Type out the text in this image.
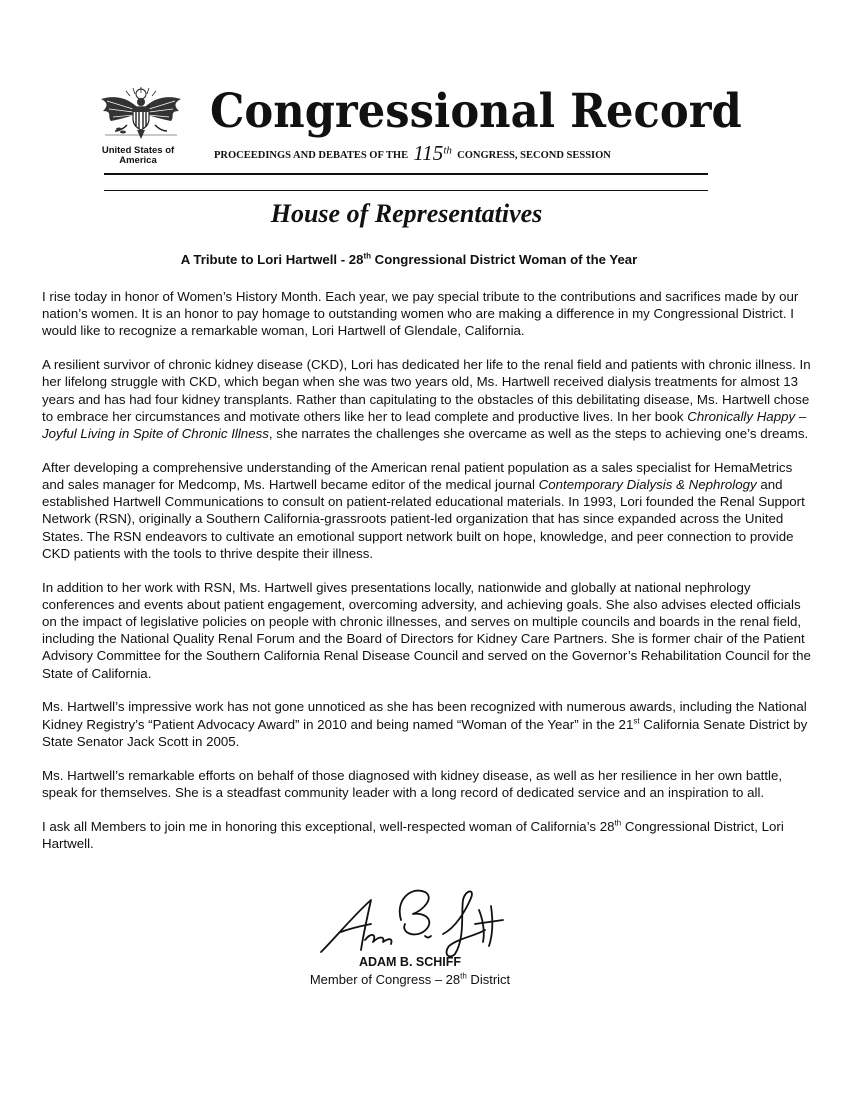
United States of America
Congressional Record
PROCEEDINGS AND DEBATES OF THE 115th CONGRESS, SECOND SESSION
House of Representatives
A Tribute to Lori Hartwell - 28th Congressional District Woman of the Year

I rise today in honor of Women’s History Month. Each year, we pay special tribute to the contributions and sacrifices made by our nation’s women. It is an honor to pay homage to outstanding women who are making a difference in my Congressional District. I would like to recognize a remarkable woman, Lori Hartwell of Glendale, California.

A resilient survivor of chronic kidney disease (CKD), Lori has dedicated her life to the renal field and patients with chronic illness. In her lifelong struggle with CKD, which began when she was two years old, Ms. Hartwell received dialysis treatments for almost 13 years and has had four kidney transplants. Rather than capitulating to the obstacles of this debilitating disease, Ms. Hartwell chose to embrace her circumstances and motivate others like her to lead complete and productive lives. In her book Chronically Happy – Joyful Living in Spite of Chronic Illness, she narrates the challenges she overcame as well as the steps to achieving one’s dreams.

After developing a comprehensive understanding of the American renal patient population as a sales specialist for HemaMetrics and sales manager for Medcomp, Ms. Hartwell became editor of the medical journal Contemporary Dialysis & Nephrology and established Hartwell Communications to consult on patient-related educational materials. In 1993, Lori founded the Renal Support Network (RSN), originally a Southern California-grassroots patient-led organization that has since expanded across the United States. The RSN endeavors to cultivate an emotional support network built on hope, knowledge, and peer connection to provide CKD patients with the tools to thrive despite their illness.

In addition to her work with RSN, Ms. Hartwell gives presentations locally, nationwide and globally at national nephrology conferences and events about patient engagement, overcoming adversity, and achieving goals. She also advises elected officials on the impact of legislative policies on people with chronic illnesses, and serves on multiple councils and boards in the renal field, including the National Quality Renal Forum and the Board of Directors for Kidney Care Partners. She is former chair of the Patient Advisory Committee for the Southern California Renal Disease Council and served on the Governor’s Rehabilitation Council for the State of California.

Ms. Hartwell’s impressive work has not gone unnoticed as she has been recognized with numerous awards, including the National Kidney Registry’s “Patient Advocacy Award” in 2010 and being named “Woman of the Year” in the 21st California Senate District by State Senator Jack Scott in 2005.

Ms. Hartwell’s remarkable efforts on behalf of those diagnosed with kidney disease, as well as her resilience in her own battle, speak for themselves. She is a steadfast community leader with a long record of dedicated service and an inspiration to all.

I ask all Members to join me in honoring this exceptional, well-respected woman of California’s 28th Congressional District, Lori Hartwell.

ADAM B. SCHIFF
Member of Congress – 28th District
